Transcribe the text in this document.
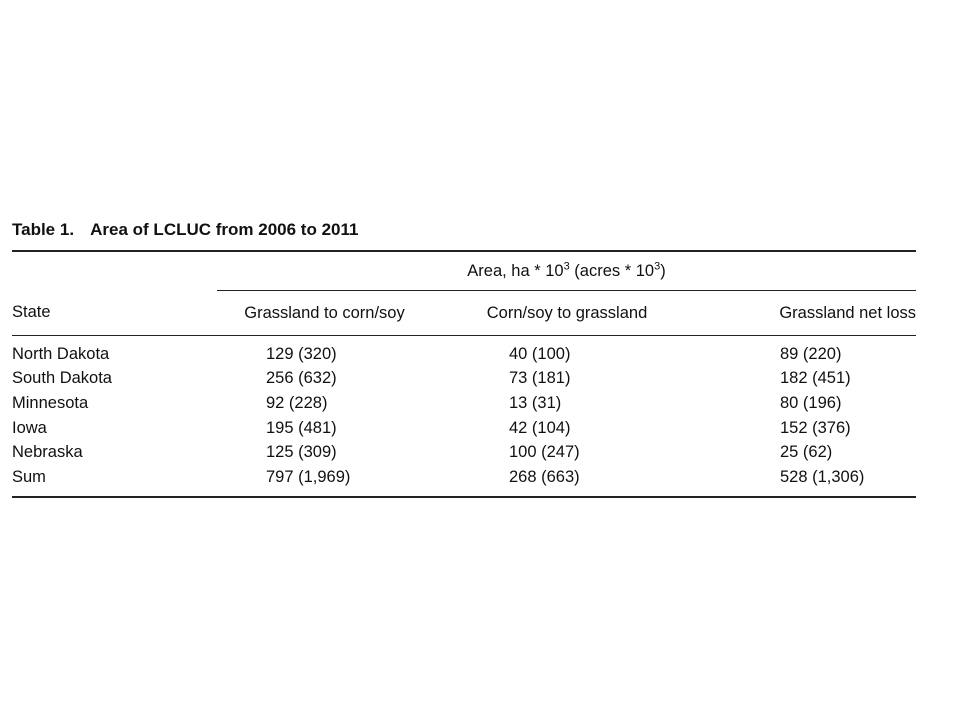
Table 1. Area of LCLUC from 2006 to 2011
	Area, ha * $10^3$ (acres * $10^3$)		
State	Grassland to corn/soy	Corn/soy to grassland	Grassland net loss
North Dakota	129 (320)	40 (100)	89 (220)
South Dakota	256 (632)	73 (181)	182 (451)
Minnesota	92 (228)	13 (31)	80 (196)
Iowa	195 (481)	42 (104)	152 (376)
Nebraska	125 (309)	100 (247)	25 (62)
Sum	797 (1,969)	268 (663)	528 (1,306)
